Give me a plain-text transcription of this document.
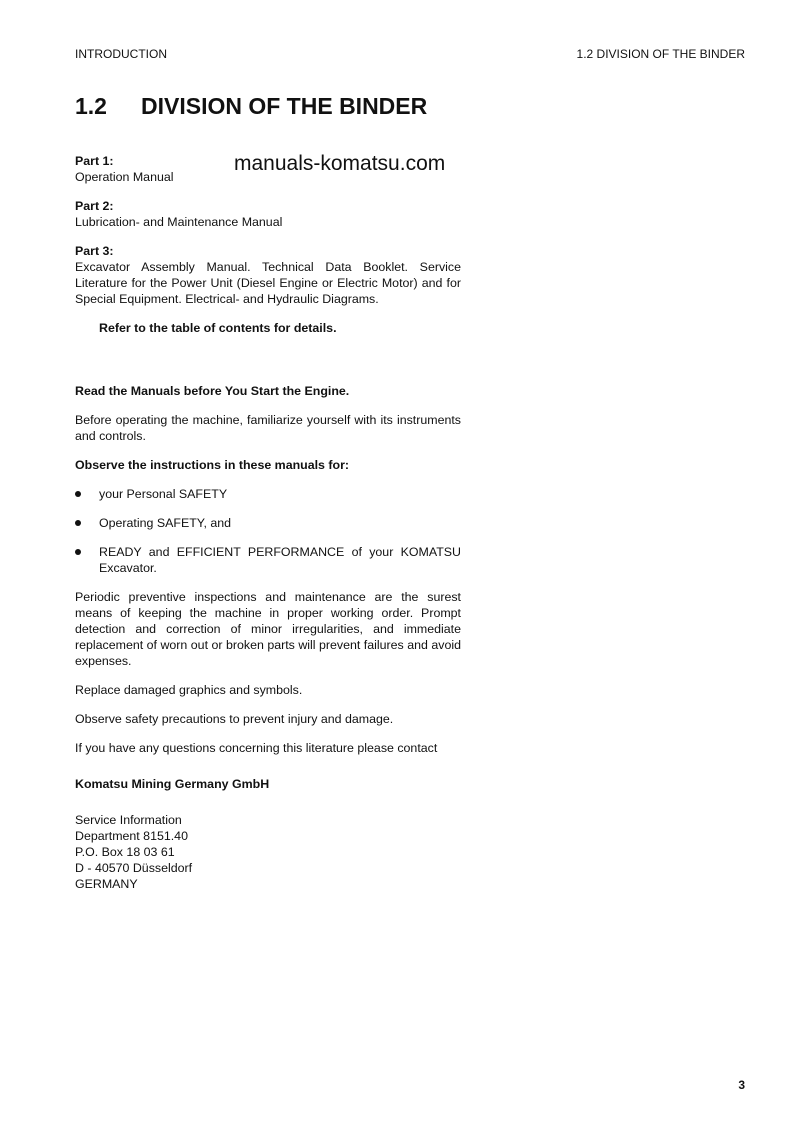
INTRODUCTION	1.2 DIVISION OF THE BINDER
1.2 DIVISION OF THE BINDER
manuals-komatsu.com

Part 1:

Operation Manual

Part 2:

Lubrication- and Maintenance Manual

Part 3:

Excavator Assembly Manual. Technical Data Booklet. Service Literature for the Power Unit (Diesel Engine or Electric Motor) and for Special Equipment. Electrical- and Hydraulic Diagrams.

Refer to the table of contents for details.

Read the Manuals before You Start the Engine.

Before operating the machine, familiarize yourself with its instruments and controls.

Observe the instructions in these manuals for:

your Personal SAFETY
Operating SAFETY, and
READY and EFFICIENT PERFORMANCE of your KOMATSU Excavator.

Periodic preventive inspections and maintenance are the surest means of keeping the machine in proper working order. Prompt detection and correction of minor irregularities, and immediate replacement of worn out or broken parts will prevent failures and avoid expenses.

Replace damaged graphics and symbols.

Observe safety precautions to prevent injury and damage.

If you have any questions concerning this literature please contact

Komatsu Mining Germany GmbH

Service Information

Department 8151.40

P.O. Box 18 03 61

D - 40570 Düsseldorf

GERMANY

3
